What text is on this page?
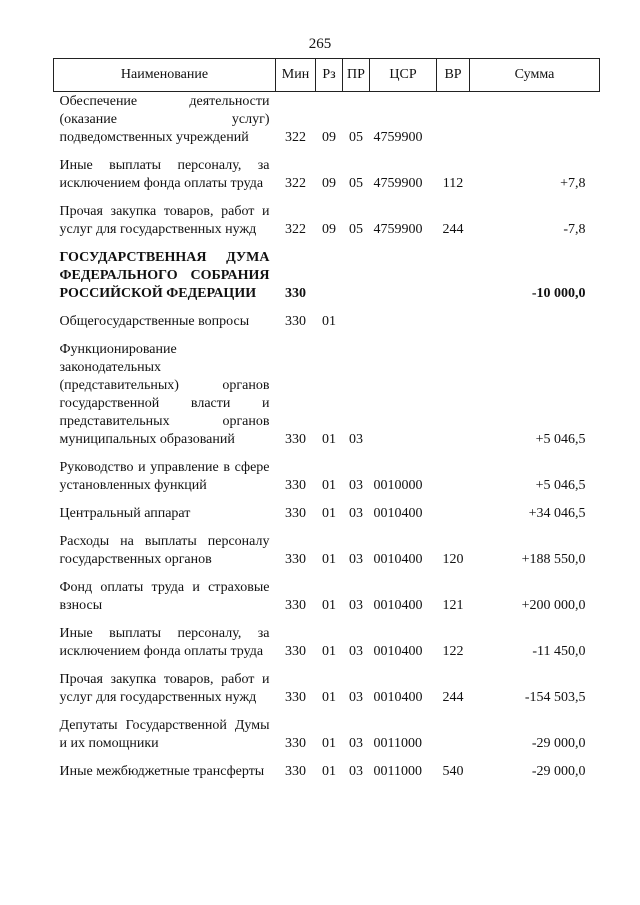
265
Наименование	Мин	Рз	ПР	ЦСР	ВР	Сумма
Обеспечение деятельности (оказание услуг) подведомственных учреждений	322	09	05	4759900		
Иные выплаты персоналу, за исключением фонда оплаты труда	322	09	05	4759900	112	+7,8
Прочая закупка товаров, работ и услуг для государственных нужд	322	09	05	4759900	244	-7,8
ГОСУДАРСТВЕННАЯ ДУМА ФЕДЕРАЛЬНОГО СОБРАНИЯ РОССИЙСКОЙ ФЕДЕРАЦИИ	330					-10 000,0
Общегосударственные вопросы	330	01				
Функционирование законодательных (представительных) органов государственной власти и представительных органов муниципальных образований	330	01	03			+5 046,5
Руководство и управление в сфере установленных функций	330	01	03	0010000		+5 046,5
Центральный аппарат	330	01	03	0010400		+34 046,5
Расходы на выплаты персоналу государственных органов	330	01	03	0010400	120	+188 550,0
Фонд оплаты труда и страховые взносы	330	01	03	0010400	121	+200 000,0
Иные выплаты персоналу, за исключением фонда оплаты труда	330	01	03	0010400	122	-11 450,0
Прочая закупка товаров, работ и услуг для государственных нужд	330	01	03	0010400	244	-154 503,5
Депутаты Государственной Думы и их помощники	330	01	03	0011000		-29 000,0
Иные межбюджетные трансферты	330	01	03	0011000	540	-29 000,0
